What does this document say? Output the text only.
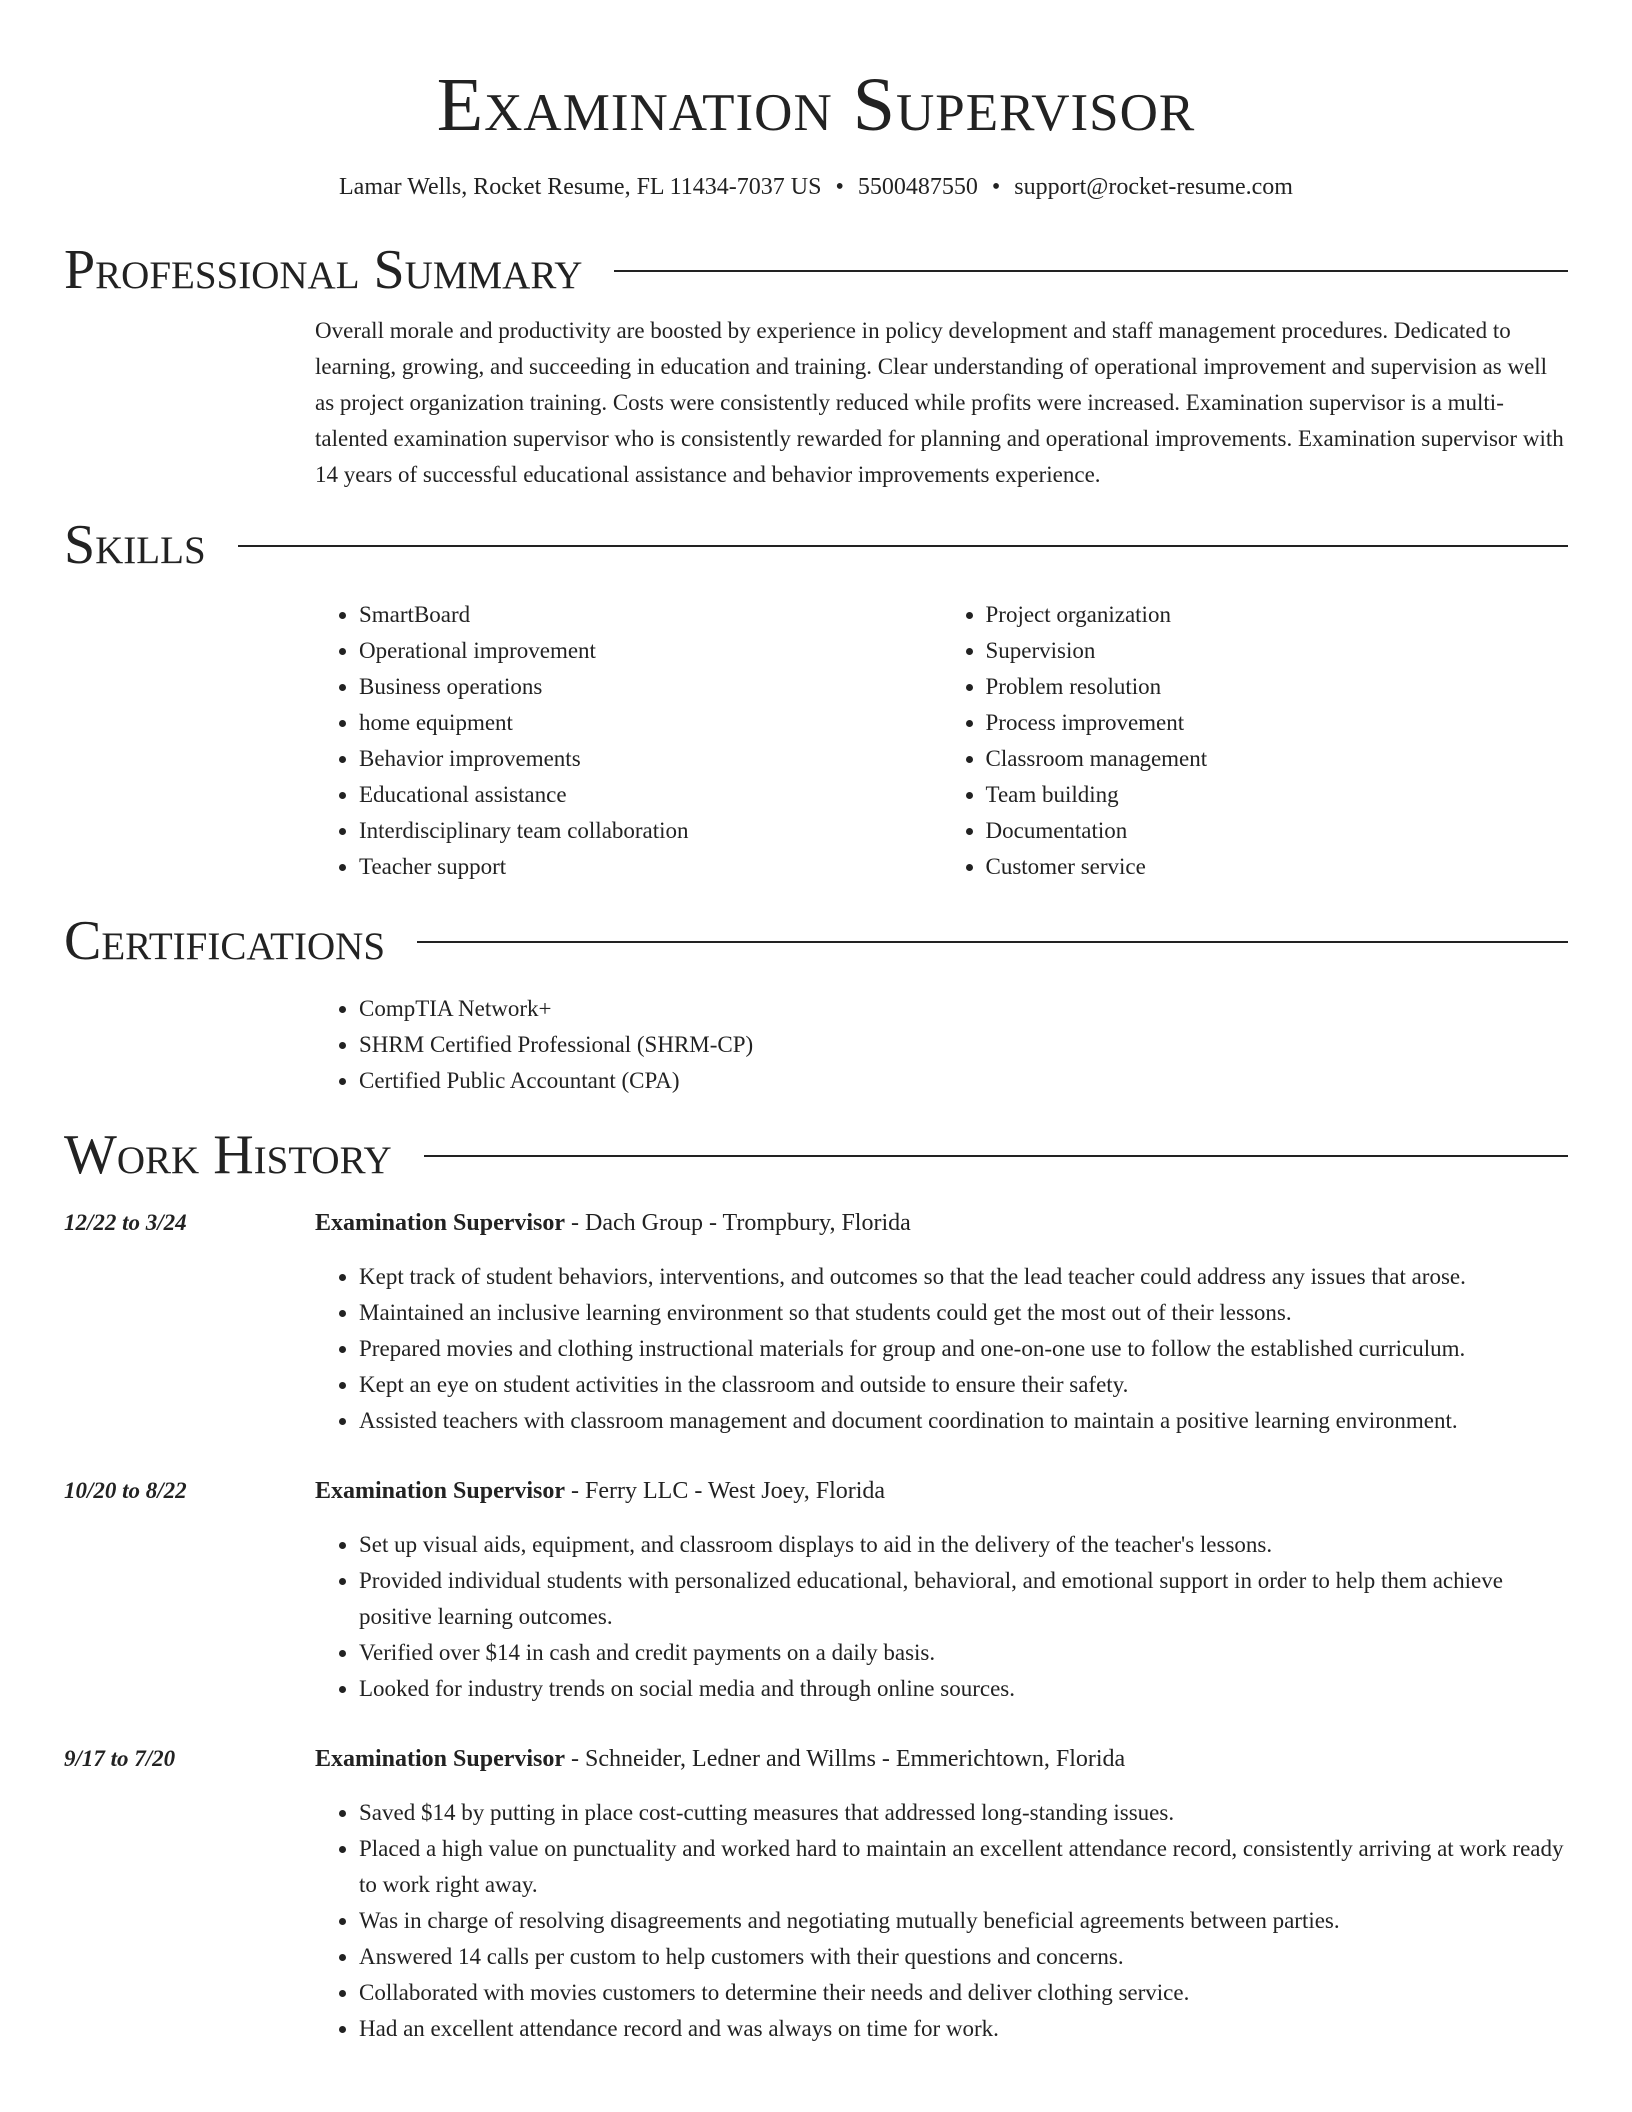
Examination Supervisor
Lamar Wells, Rocket Resume, FL 11434-7037 US • 5500487550 • support@rocket-resume.com
Professional Summary

Overall morale and productivity are boosted by experience in policy development and staff management procedures. Dedicated to learning, growing, and succeeding in education and training. Clear understanding of operational improvement and supervision as well as project organization training. Costs were consistently reduced while profits were increased. Examination supervisor is a multi-talented examination supervisor who is consistently rewarded for planning and operational improvements. Examination supervisor with 14 years of successful educational assistance and behavior improvements experience.

Skills
• SmartBoard
• Operational improvement
• Business operations
• home equipment
• Behavior improvements
• Educational assistance
• Interdisciplinary team collaboration
• Teacher support
• Project organization
• Supervision
• Problem resolution
• Process improvement
• Classroom management
• Team building
• Documentation
• Customer service
Certifications
• CompTIA Network+
• SHRM Certified Professional (SHRM-CP)
• Certified Public Accountant (CPA)
Work History
12/22 to 3/24	Examination Supervisor - Dach Group - Trompbury, Florida
• Kept track of student behaviors, interventions, and outcomes so that the lead teacher could address any issues that arose.
• Maintained an inclusive learning environment so that students could get the most out of their lessons.
• Prepared movies and clothing instructional materials for group and one-on-one use to follow the established curriculum.
• Kept an eye on student activities in the classroom and outside to ensure their safety.
• Assisted teachers with classroom management and document coordination to maintain a positive learning environment.
10/20 to 8/22	Examination Supervisor - Ferry LLC - West Joey, Florida
• Set up visual aids, equipment, and classroom displays to aid in the delivery of the teacher's lessons.
• Provided individual students with personalized educational, behavioral, and emotional support in order to help them achieve positive learning outcomes.
• Verified over $14 in cash and credit payments on a daily basis.
• Looked for industry trends on social media and through online sources.
9/17 to 7/20	Examination Supervisor - Schneider, Ledner and Willms - Emmerichtown, Florida
• Saved $14 by putting in place cost-cutting measures that addressed long-standing issues.
• Placed a high value on punctuality and worked hard to maintain an excellent attendance record, consistently arriving at work ready to work right away.
• Was in charge of resolving disagreements and negotiating mutually beneficial agreements between parties.
• Answered 14 calls per custom to help customers with their questions and concerns.
• Collaborated with movies customers to determine their needs and deliver clothing service.
• Had an excellent attendance record and was always on time for work.
